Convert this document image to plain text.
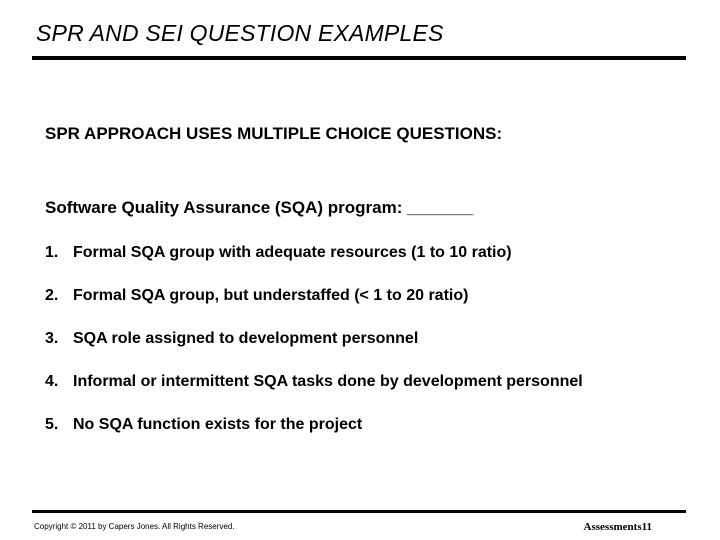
SPR AND SEI QUESTION EXAMPLES
SPR APPROACH USES MULTIPLE CHOICE QUESTIONS:
Software Quality Assurance (SQA) program: _______
1. Formal SQA group with adequate resources (1 to 10 ratio)
2. Formal SQA group, but understaffed (< 1 to 20 ratio)
3. SQA role assigned to development personnel
4. Informal or intermittent SQA tasks done by development personnel
5. No SQA function exists for the project
Copyright © 2011 by Capers Jones. All Rights Reserved.	Assessments11
